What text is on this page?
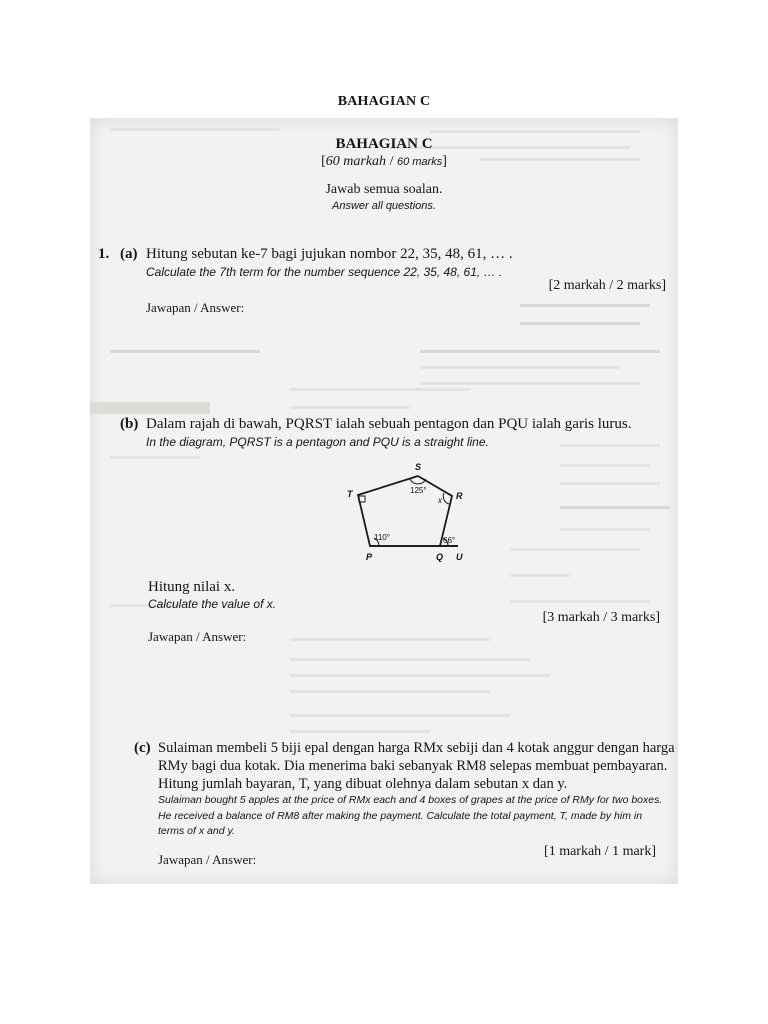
BAHAGIAN C
BAHAGIAN C
[60 markah / 60 marks]
Jawab semua soalan.
Answer all questions.
1. (a) Hitung sebutan ke-7 bagi jujukan nombor 22, 35, 48, 61, … .
Calculate the 7th term for the number sequence 22, 35, 48, 61, … .
[2 markah / 2 marks]
Jawapan / Answer:
(b) Dalam rajah di bawah, PQRST ialah sebuah pentagon dan PQU ialah garis lurus.
In the diagram, PQRST is a pentagon and PQU is a straight line.
S
T	R
P	Q U
125°
x
110°	66°
Hitung nilai x.
Calculate the value of x.
[3 markah / 3 marks]
Jawapan / Answer:
(c) Sulaiman membeli 5 biji epal dengan harga RMx sebiji dan 4 kotak anggur dengan harga
RMy bagi dua kotak. Dia menerima baki sebanyak RM8 selepas membuat pembayaran.
Hitung jumlah bayaran, T, yang dibuat olehnya dalam sebutan x dan y.
Sulaiman bought 5 apples at the price of RMx each and 4 boxes of grapes at the price of RMy for two boxes.
He received a balance of RM8 after making the payment. Calculate the total payment, T, made by him in
terms of x and y.
[1 markah / 1 mark]
Jawapan / Answer:
